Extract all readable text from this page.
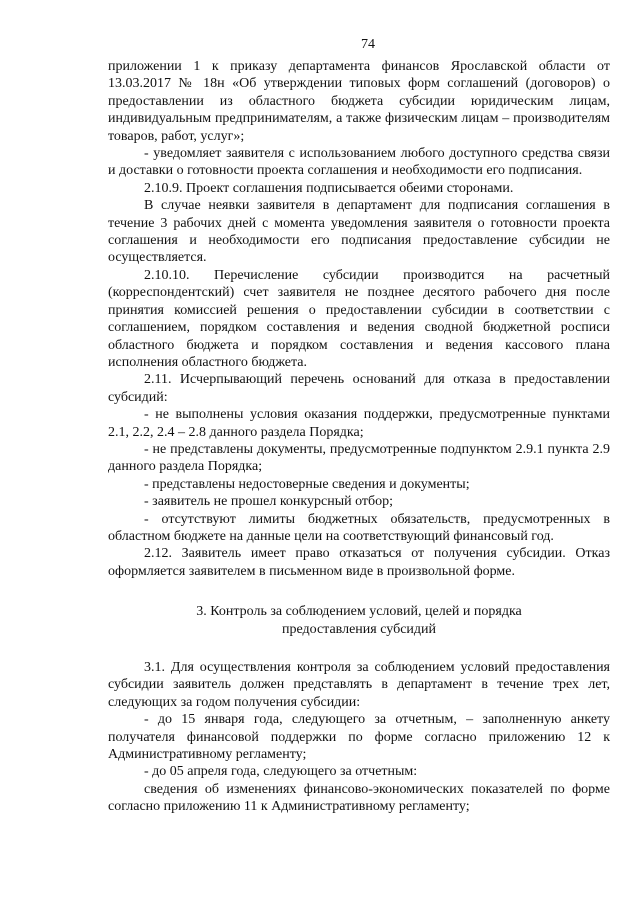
74

приложении 1 к приказу департамента финансов Ярославской области от 13.03.2017 № 18н «Об утверждении типовых форм соглашений (договоров) о предоставлении из областного бюджета субсидии юридическим лицам, индивидуальным предпринимателям, а также физическим лицам – производителям товаров, работ, услуг»;

- уведомляет заявителя с использованием любого доступного средства связи и доставки о готовности проекта соглашения и необходимости его подписания.

2.10.9. Проект соглашения подписывается обеими сторонами.

В случае неявки заявителя в департамент для подписания соглашения в течение 3 рабочих дней с момента уведомления заявителя о готовности проекта соглашения и необходимости его подписания предоставление субсидии не осуществляется.

2.10.10. Перечисление субсидии производится на расчетный (корреспондентский) счет заявителя не позднее десятого рабочего дня после принятия комиссией решения о предоставлении субсидии в соответствии с соглашением, порядком составления и ведения сводной бюджетной росписи областного бюджета и порядком составления и ведения кассового плана исполнения областного бюджета.

2.11. Исчерпывающий перечень оснований для отказа в предоставлении субсидий:

- не выполнены условия оказания поддержки, предусмотренные пунктами 2.1, 2.2, 2.4 – 2.8 данного раздела Порядка;

- не представлены документы, предусмотренные подпунктом 2.9.1 пункта 2.9 данного раздела Порядка;

- представлены недостоверные сведения и документы;

- заявитель не прошел конкурсный отбор;

- отсутствуют лимиты бюджетных обязательств, предусмотренных в областном бюджете на данные цели на соответствующий финансовый год.

2.12. Заявитель имеет право отказаться от получения субсидии. Отказ оформляется заявителем в письменном виде в произвольной форме.

3. Контроль за соблюдением условий, целей и порядка
предоставления субсидий

3.1. Для осуществления контроля за соблюдением условий предоставления субсидии заявитель должен представлять в департамент в течение трех лет, следующих за годом получения субсидии:

- до 15 января года, следующего за отчетным, – заполненную анкету получателя финансовой поддержки по форме согласно приложению 12 к Административному регламенту;

- до 05 апреля года, следующего за отчетным:

сведения об изменениях финансово-экономических показателей по форме согласно приложению 11 к Административному регламенту;
